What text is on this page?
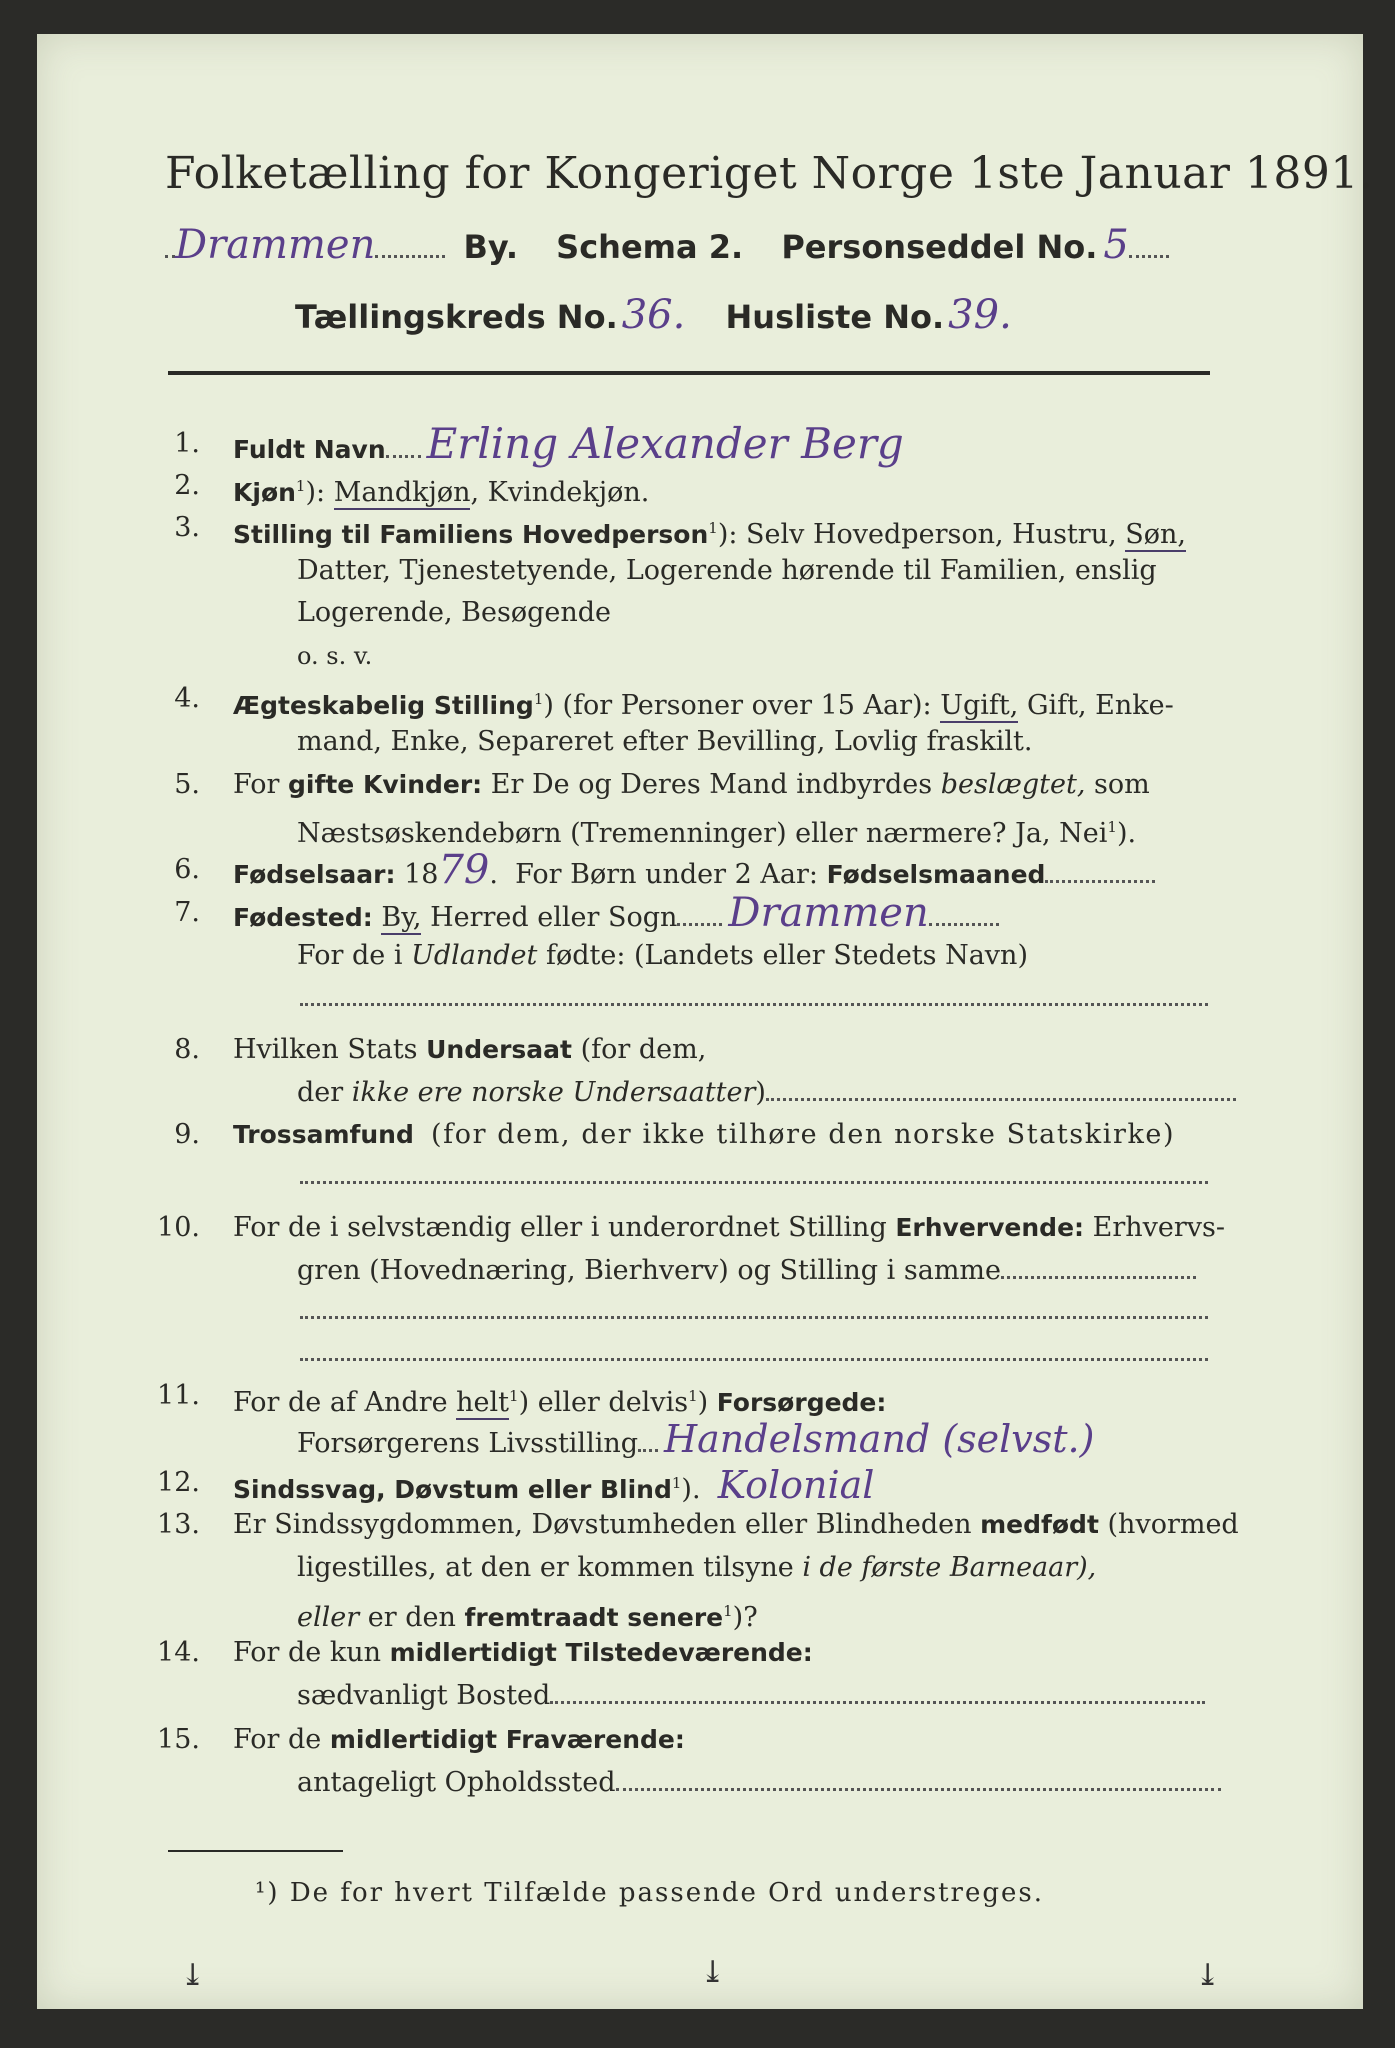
Folketælling for Kongeriget Norge 1ste Januar 1891.
Drammen	By. Schema 2. Personseddel No. 5
Tællingskreds No. 36. Husliste No. 39.
1. Fuldt Navn Erling Alexander Berg
2. Kjøn$^1$): Mandkjøn, Kvindekjøn.
3. Stilling til Familiens Hovedperson$^1$): Selv Hovedperson, Hustru, Søn,
Datter, Tjenestetyende, Logerende hørende til Familien, enslig
Logerende, Besøgende
o. s. v.
4. Ægteskabelig Stilling$^1$) (for Personer over 15 Aar): Ugift, Gift, Enke-
mand, Enke, Separeret efter Bevilling, Lovlig fraskilt.
5. For gifte Kvinder: Er De og Deres Mand indbyrdes beslægtet, som
Næstsøskendebørn (Tremenninger) eller nærmere? Ja, Nei$^1$).
6. Fødselsaar: 1879.  For Børn under 2 Aar: Fødselsmaaned
7. Fødested: By, Herred eller Sogn Drammen
For de i Udlandet fødte: (Landets eller Stedets Navn)
8. Hvilken Stats Undersaat (for dem,
der ikke ere norske Undersaatter)
9. Trossamfund (for dem, der ikke tilhøre den norske Statskirke)
10. For de i selvstændig eller i underordnet Stilling Erhvervende: Erhvervs-
gren (Hovednæring, Bierhverv) og Stilling i samme
11. For de af Andre helt$^1$) eller delvis$^1$) Forsørgede:
Forsørgerens Livsstilling Handelsmand (selvst.)
12. Sindssvag, Døvstum eller Blind$^1$).  Kolonial
13. Er Sindssygdommen, Døvstumheden eller Blindheden medfødt (hvormed
ligestilles, at den er kommen tilsyne i de første Barneaar),
eller er den fremtraadt senere$^1$)?
14. For de kun midlertidigt Tilstedeværende:
sædvanligt Bosted
15. For de midlertidigt Fraværende:
antageligt Opholdssted
¹) De for hvert Tilfælde passende Ord understreges.
⤓	⤓	⤓
